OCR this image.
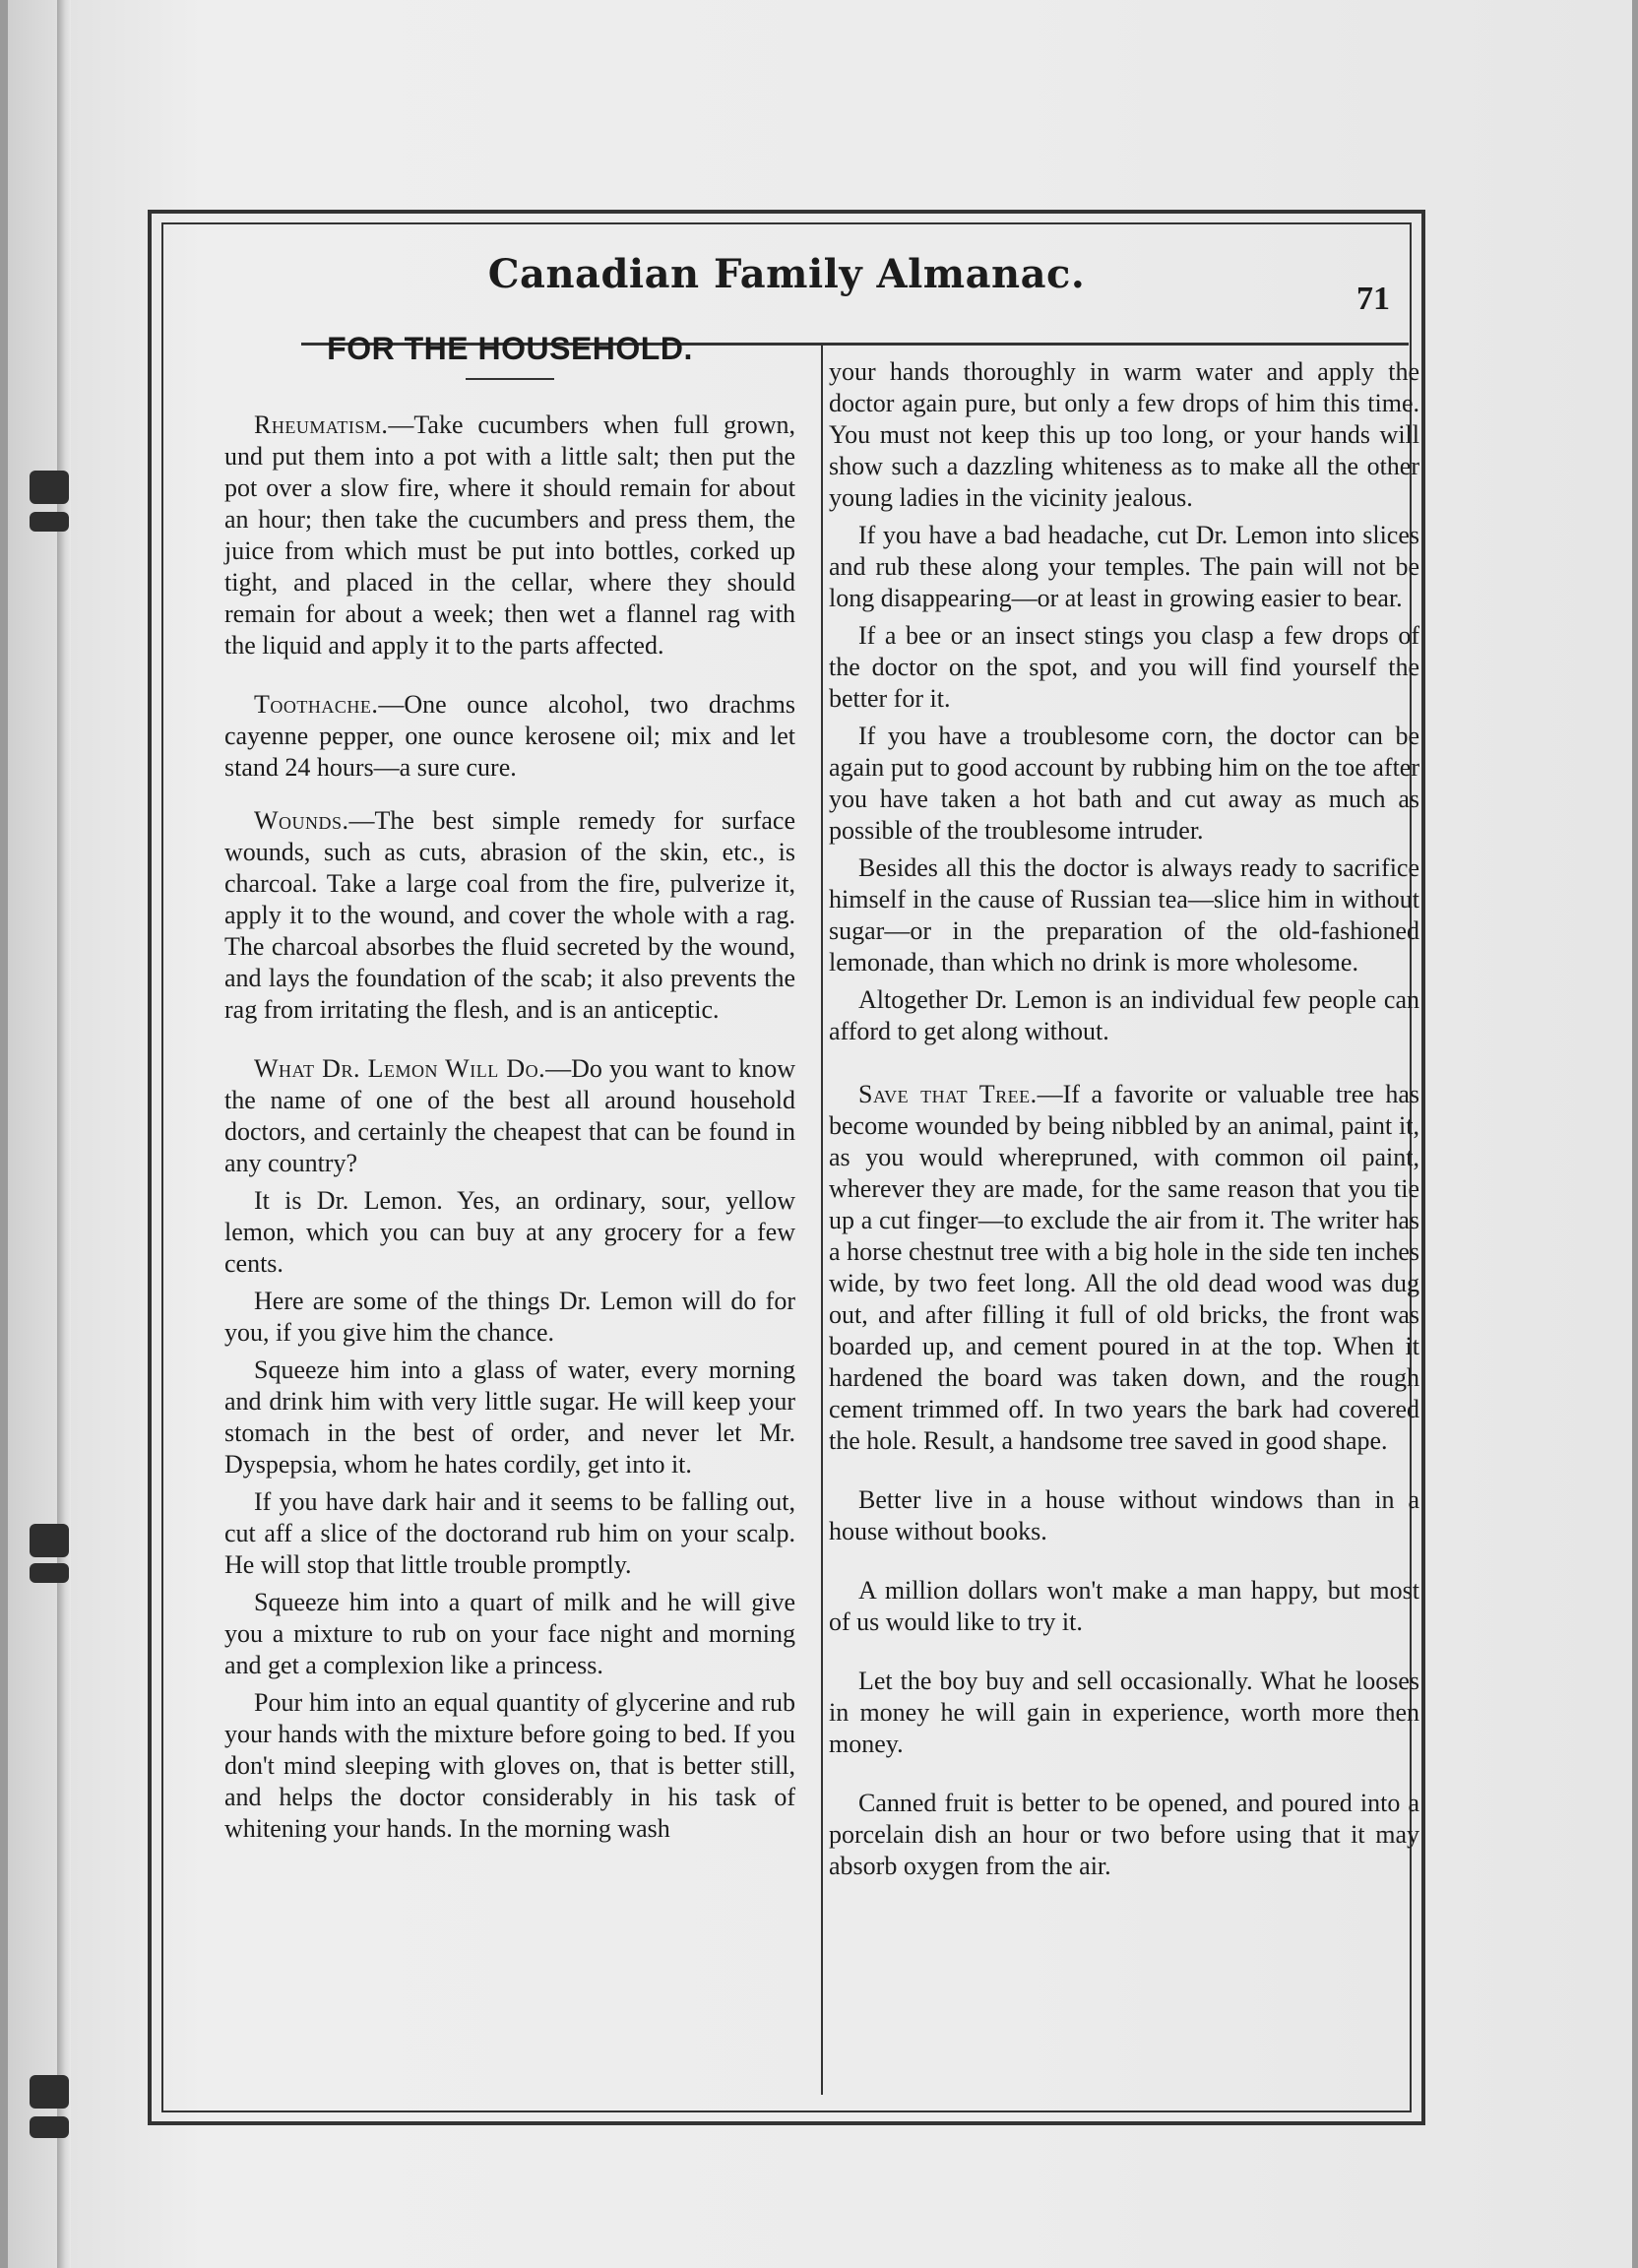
Canadian Family Almanac.
71
FOR THE HOUSEHOLD.

Rheumatism.—Take cucumbers when full grown, und put them into a pot with a little salt; then put the pot over a slow fire, where it should remain for about an hour; then take the cucumbers and press them, the juice from which must be put into bottles, corked up tight, and placed in the cellar, where they should remain for about a week; then wet a flannel rag with the liquid and apply it to the parts affected.

Toothache.—One ounce alcohol, two drachms cayenne pepper, one ounce kerosene oil; mix and let stand 24 hours—a sure cure.

Wounds.—The best simple remedy for surface wounds, such as cuts, abrasion of the skin, etc., is charcoal. Take a large coal from the fire, pulverize it, apply it to the wound, and cover the whole with a rag. The charcoal absorbes the fluid secreted by the wound, and lays the foundation of the scab; it also prevents the rag from irritating the flesh, and is an anticeptic.

What Dr. Lemon Will Do.—Do you want to know the name of one of the best all around household doctors, and certainly the cheapest that can be found in any country?

It is Dr. Lemon. Yes, an ordinary, sour, yellow lemon, which you can buy at any grocery for a few cents.

Here are some of the things Dr. Lemon will do for you, if you give him the chance.

Squeeze him into a glass of water, every morning and drink him with very little sugar. He will keep your stomach in the best of order, and never let Mr. Dyspepsia, whom he hates cordily, get into it.

If you have dark hair and it seems to be falling out, cut aff a slice of the doctorand rub him on your scalp. He will stop that little trouble promptly.

Squeeze him into a quart of milk and he will give you a mixture to rub on your face night and morning and get a complexion like a princess.

Pour him into an equal quantity of glycerine and rub your hands with the mixture before going to bed. If you don't mind sleeping with gloves on, that is better still, and helps the doctor considerably in his task of whitening your hands. In the morning wash

your hands thoroughly in warm water and apply the doctor again pure, but only a few drops of him this time. You must not keep this up too long, or your hands will show such a dazzling whiteness as to make all the other young ladies in the vicinity jealous.

If you have a bad headache, cut Dr. Lemon into slices and rub these along your temples. The pain will not be long disappearing—or at least in growing easier to bear.

If a bee or an insect stings you clasp a few drops of the doctor on the spot, and you will find yourself the better for it.

If you have a troublesome corn, the doctor can be again put to good account by rubbing him on the toe after you have taken a hot bath and cut away as much as possible of the troublesome intruder.

Besides all this the doctor is always ready to sacrifice himself in the cause of Russian tea—slice him in without sugar—or in the preparation of the old-fashioned lemonade, than which no drink is more wholesome.

Altogether Dr. Lemon is an individual few people can afford to get along without.

Save that Tree.—If a favorite or valuable tree has become wounded by being nibbled by an animal, paint it, as you would wherepruned, with common oil paint, wherever they are made, for the same reason that you tie up a cut finger—to exclude the air from it. The writer has a horse chestnut tree with a big hole in the side ten inches wide, by two feet long. All the old dead wood was dug out, and after filling it full of old bricks, the front was boarded up, and cement poured in at the top. When it hardened the board was taken down, and the rough cement trimmed off. In two years the bark had covered the hole. Result, a handsome tree saved in good shape.

Better live in a house without windows than in a house without books.

A million dollars won't make a man happy, but most of us would like to try it.

Let the boy buy and sell occasionally. What he looses in money he will gain in experience, worth more then money.

Canned fruit is better to be opened, and poured into a porcelain dish an hour or two before using that it may absorb oxygen from the air.
